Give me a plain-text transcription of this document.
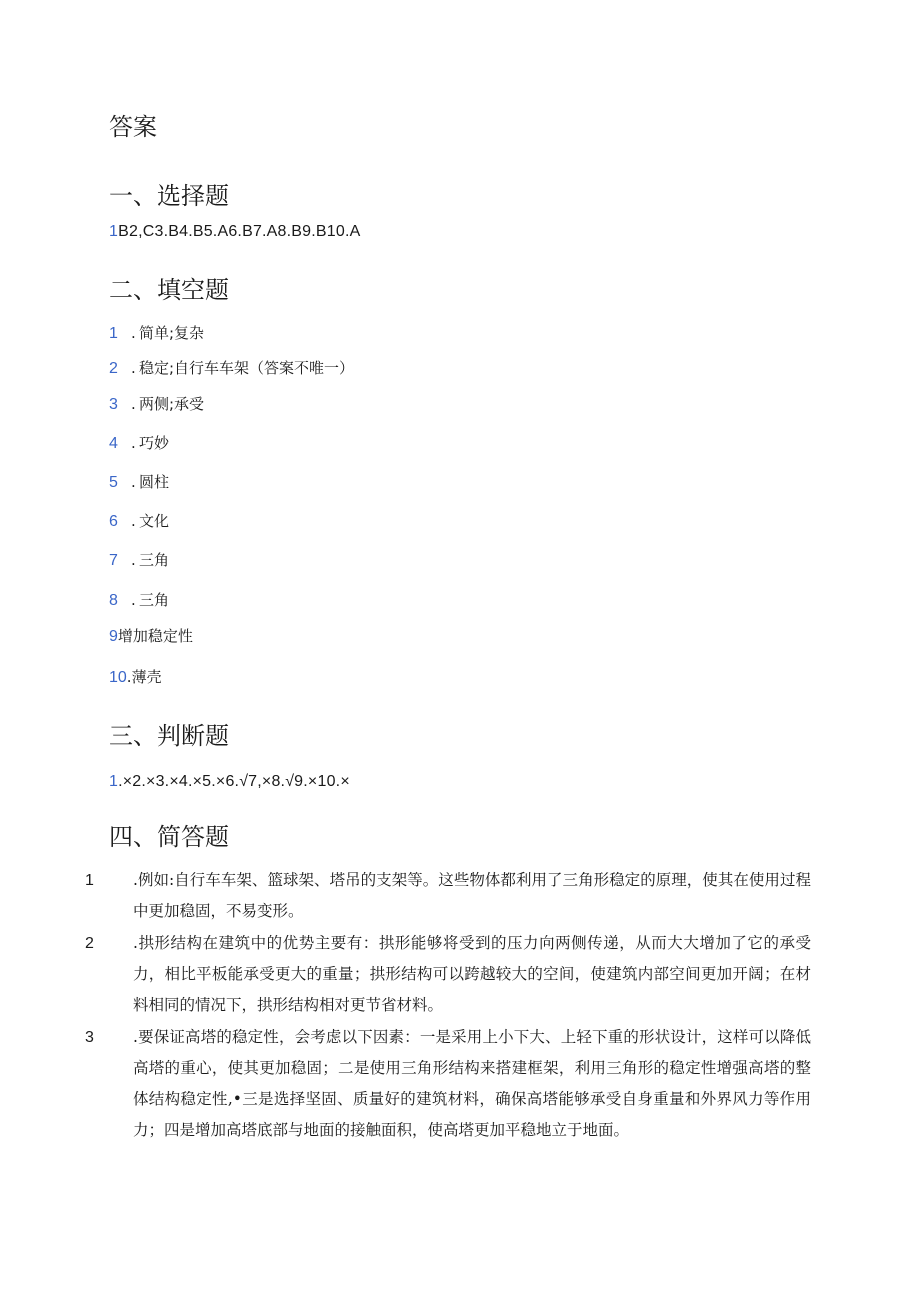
答案
一、选择题
1B2,C3.B4.B5.A6.B7.A8.B9.B10.A
二、填空题
1 . 简单;复杂
2 . 稳定;自行车车架（答案不唯一）
3 . 两侧;承受
4 . 巧妙
5 . 圆柱
6 . 文化
7 . 三角
8 . 三角
9增加稳定性
10.薄壳
三、判断题
1.×2.×3.×4.×5.×6.√7,×8.√9.×10.×
四、简答题

1	.例如:自行车车架、篮球架、塔吊的支架等。这些物体都利用了三角形稳定的原理，使其在使用过程中更加稳固，不易变形。

2	.拱形结构在建筑中的优势主要有：拱形能够将受到的压力向两侧传递，从而大大增加了它的承受力，相比平板能承受更大的重量；拱形结构可以跨越较大的空间，使建筑内部空间更加开阔；在材料相同的情况下，拱形结构相对更节省材料。

3	.要保证高塔的稳定性，会考虑以下因素：一是采用上小下大、上轻下重的形状设计，这样可以降低高塔的重心，使其更加稳固；二是使用三角形结构来搭建框架，利用三角形的稳定性增强高塔的整体结构稳定性,•三是选择坚固、质量好的建筑材料，确保高塔能够承受自身重量和外界风力等作用力；四是增加高塔底部与地面的接触面积，使高塔更加平稳地立于地面。
